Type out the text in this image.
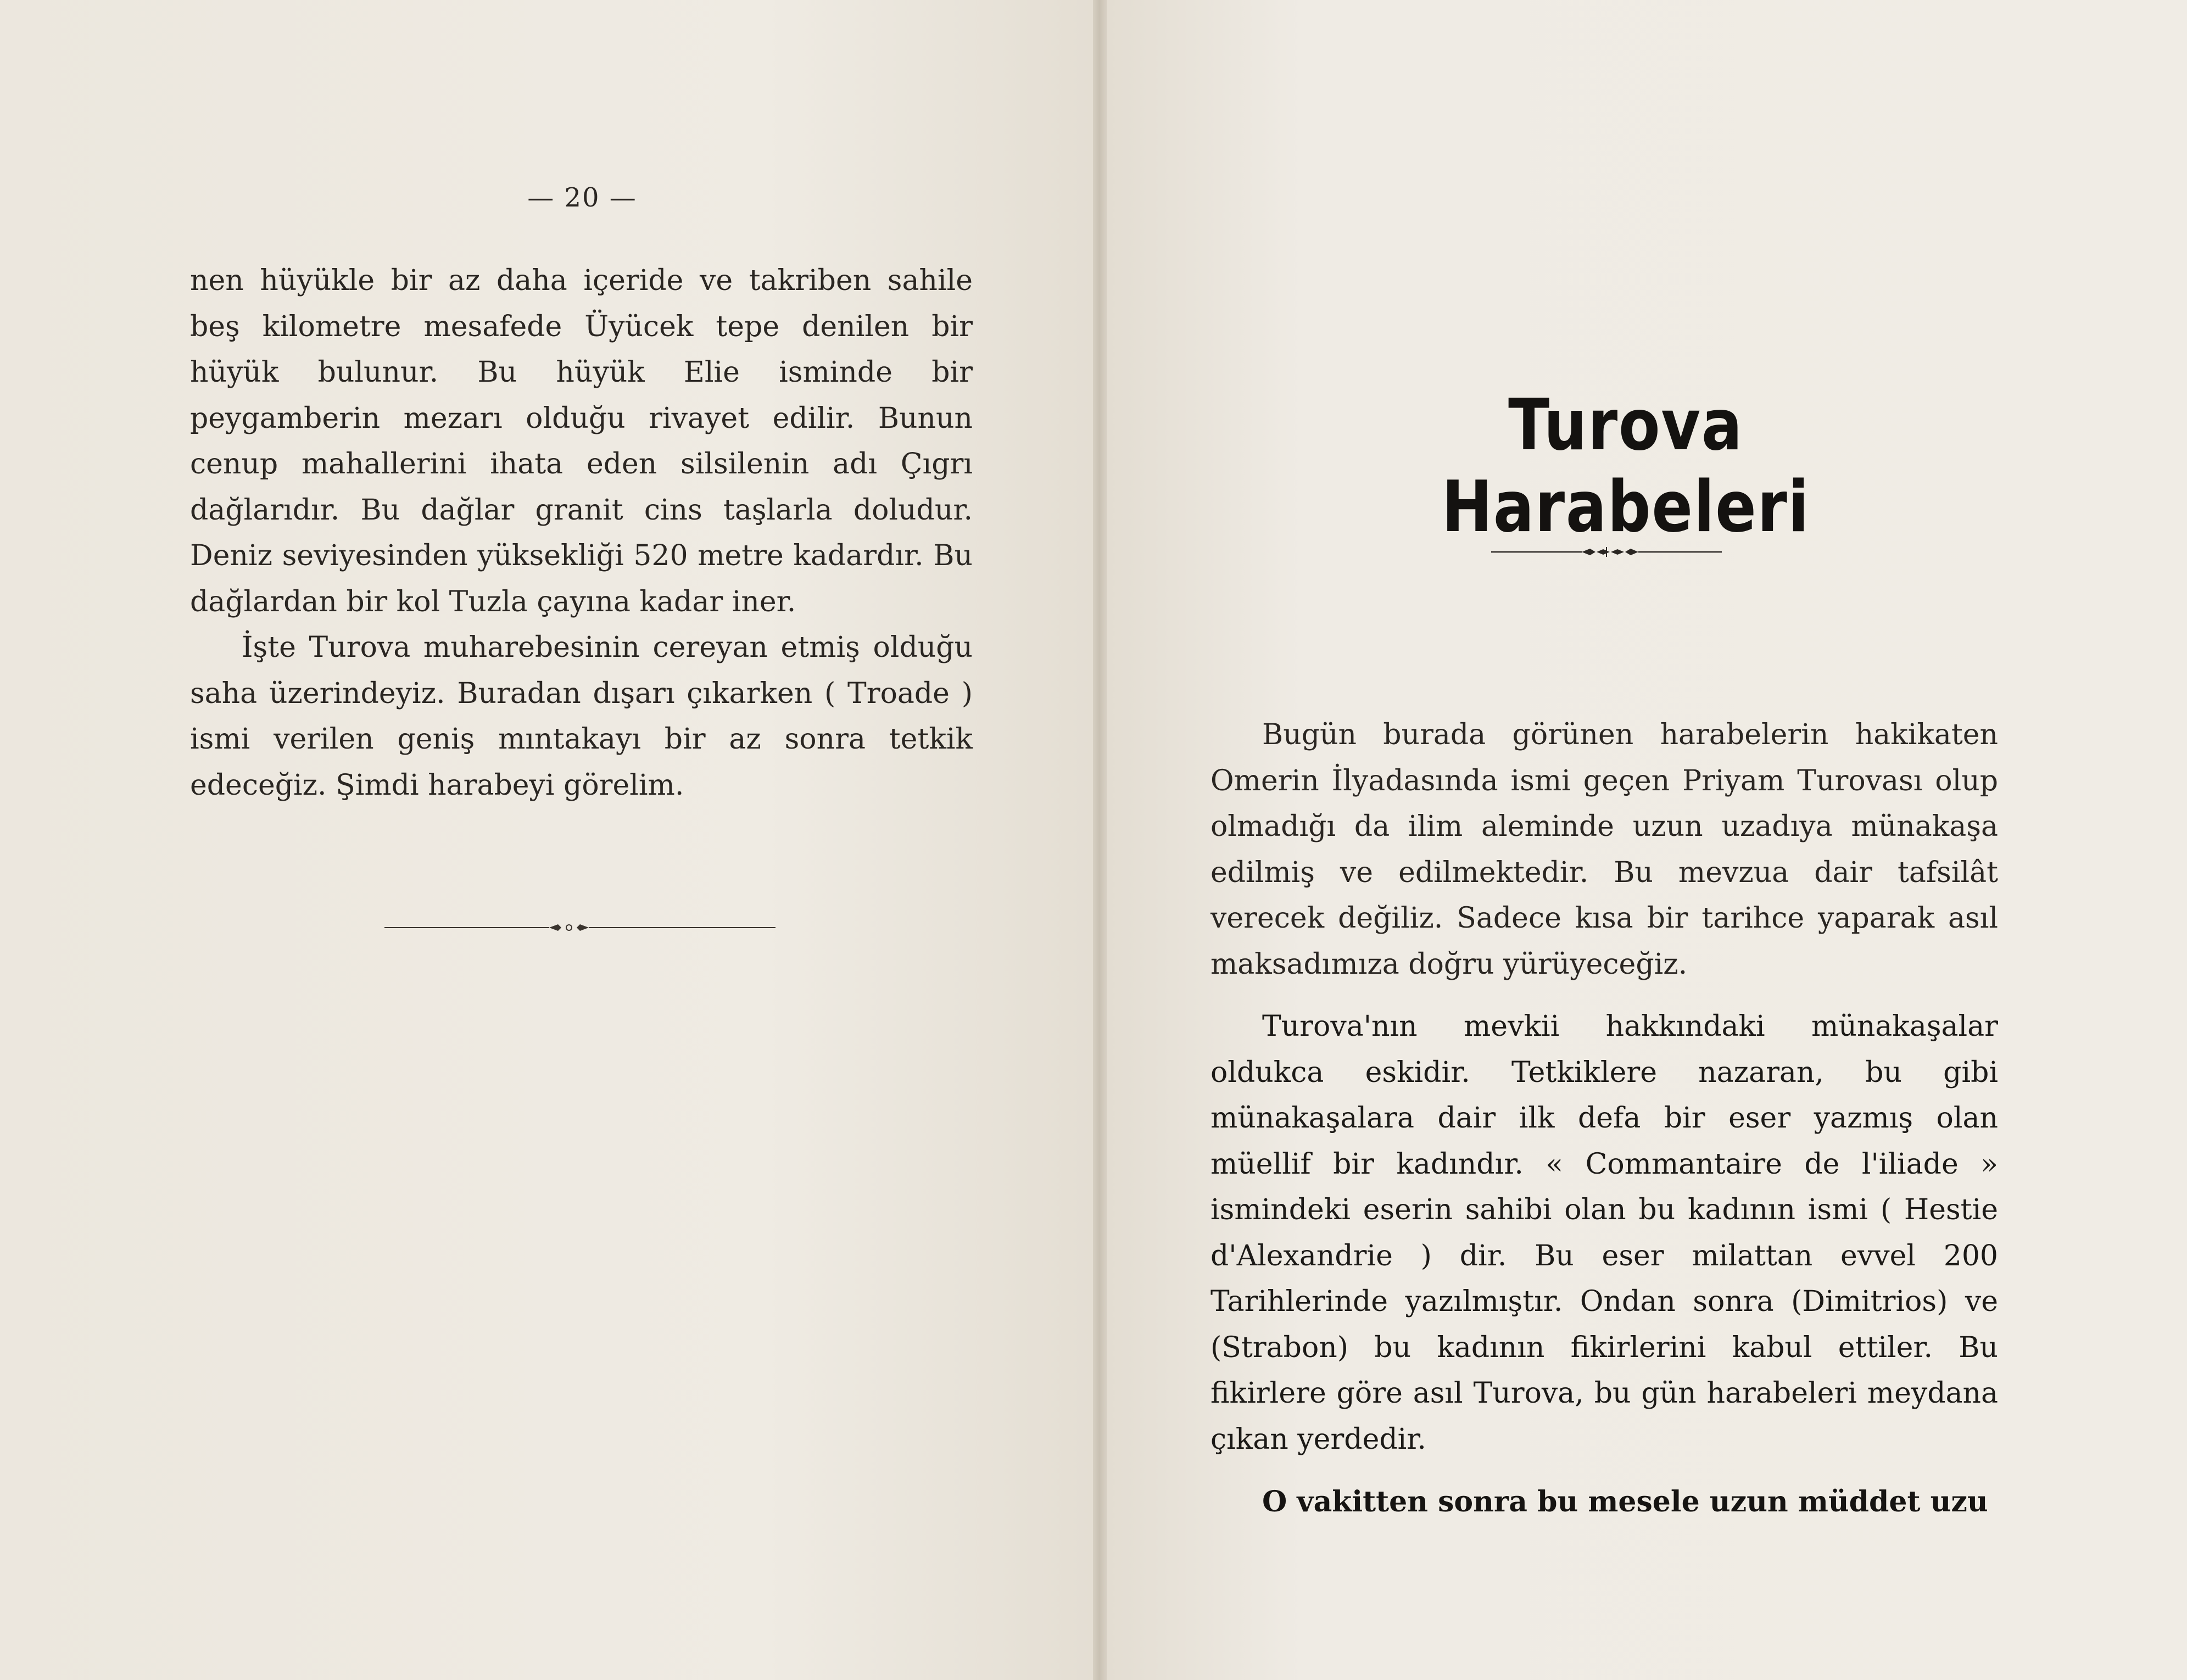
— 20 —

nen hüyükle bir az daha içeride ve takriben sahile beş kilometre mesafede Üyücek tepe denilen bir hüyük bulunur. Bu hüyük Elie isminde bir peygamberin mezarı olduğu rivayet edilir. Bunun cenup mahallerini ihata eden silsilenin adı Çıgrı dağlarıdır. Bu dağlar granit cins taşlarla doludur. Deniz seviyesinden yüksekliği 520 metre kadardır. Bu dağlardan bir kol Tuzla çayına kadar iner.

İşte Turova muharebesinin cereyan etmiş olduğu saha üzerindeyiz. Buradan dışarı çıkarken ( Troade ) ismi verilen geniş mıntakayı bir az sonra tetkik edeceğiz. Şimdi harabeyi görelim.

Turova Harabeleri

Bugün burada görünen harabelerin hakikaten Omerin İlyadasında ismi geçen Priyam Turovası olup olmadığı da ilim aleminde uzun uzadıya münakaşa edilmiş ve edilmektedir. Bu mevzua dair tafsilât verecek değiliz. Sadece kısa bir tarihce yaparak asıl maksadımıza doğru yürüyeceğiz.

Turova'nın mevkii hakkındaki münakaşalar oldukca eskidir. Tetkiklere nazaran, bu gibi münakaşalara dair ilk defa bir eser yazmış olan müellif bir kadındır. « Commantaire de l'iliade » ismindeki eserin sahibi olan bu kadının ismi ( Hestie d'Alexandrie ) dir. Bu eser milattan evvel 200 Tarihlerinde yazılmıştır. Ondan sonra (Dimitrios) ve (Strabon) bu kadının fikirlerini kabul ettiler. Bu fikirlere göre asıl Turova, bu gün harabeleri meydana çıkan yerdedir.

O vakitten sonra bu mesele uzun müddet uzu
